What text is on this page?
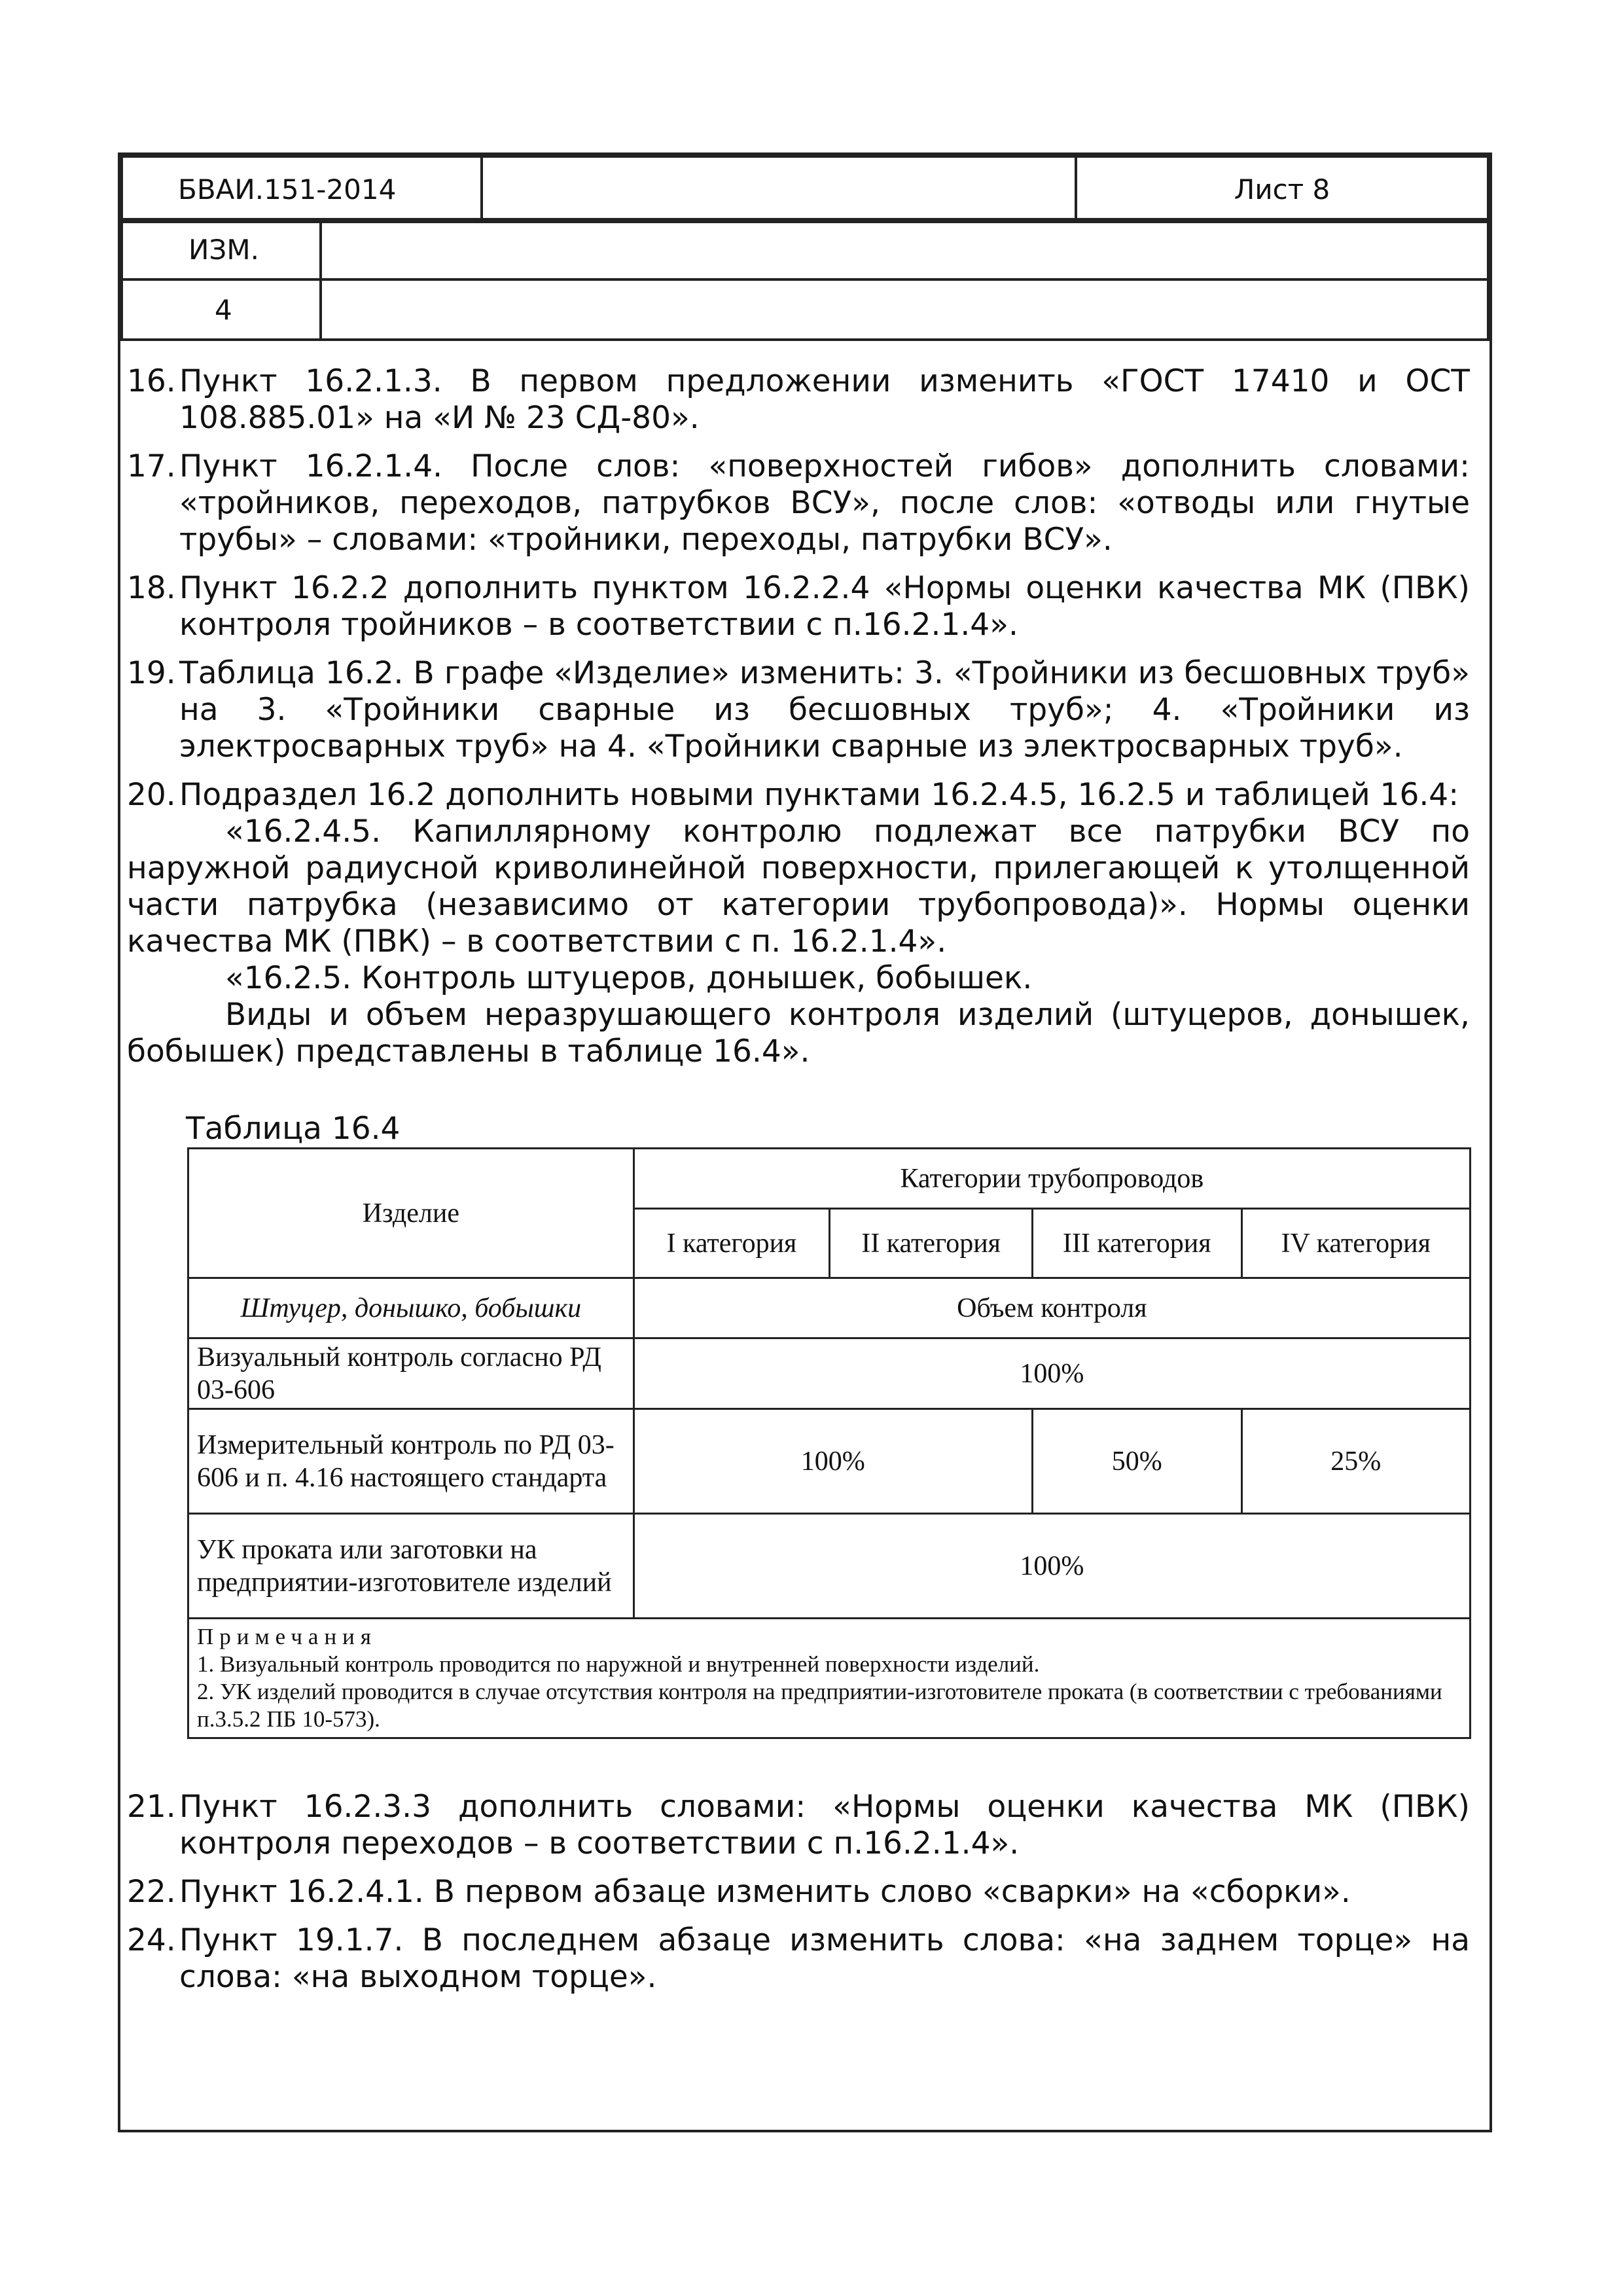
БВАИ.151-2014		Лист 8
ИЗМ.	
4	
16. Пункт 16.2.1.3. В первом предложении изменить «ГОСТ 17410 и ОСТ 108.885.01» на «И № 23 СД-80».
17. Пункт 16.2.1.4. После слов: «поверхностей гибов» дополнить словами: «тройников, переходов, патрубков ВСУ», после слов: «отводы или гнутые трубы» – словами: «тройники, переходы, патрубки ВСУ».
18. Пункт 16.2.2 дополнить пунктом 16.2.2.4 «Нормы оценки качества МК (ПВК) контроля тройников – в соответствии с п.16.2.1.4».
19. Таблица 16.2. В графе «Изделие» изменить: 3. «Тройники из бесшовных труб» на 3. «Тройники сварные из бесшовных труб»; 4. «Тройники из электросварных труб» на 4. «Тройники сварные из электросварных труб».
20. Подраздел 16.2 дополнить новыми пунктами 16.2.4.5, 16.2.5 и таблицей 16.4:

«16.2.4.5. Капиллярному контролю подлежат все патрубки ВСУ по наружной радиусной криволинейной поверхности, прилегающей к утолщенной части патрубка (независимо от категории трубопровода)». Нормы оценки качества МК (ПВК) – в соответствии с п. 16.2.1.4».

«16.2.5. Контроль штуцеров, донышек, бобышек.

Виды и объем неразрушающего контроля изделий (штуцеров, донышек, бобышек) представлены в таблице 16.4».

Таблица 16.4
Изделие	Категории трубопроводов			
	I категория	II категория	III категория	IV категория
Штуцер, донышко, бобышки	Объем контроля			
Визуальный контроль согласно РД 03-606	100%			
Измерительный контроль по РД 03-606 и п. 4.16 настоящего стандарта	100%		50%	25%
УК проката или заготовки на предприятии-изготовителе изделий	100%			

Примечания
1. Визуальный контроль проводится по наружной и внутренней поверхности изделий.
2. УК изделий проводится в случае отсутствия контроля на предприятии-изготовителе проката (в соответствии с требованиями п.3.5.2 ПБ 10-573).				
21. Пункт 16.2.3.3 дополнить словами: «Нормы оценки качества МК (ПВК) контроля переходов – в соответствии с п.16.2.1.4».
22. Пункт 16.2.4.1. В первом абзаце изменить слово «сварки» на «сборки».
24. Пункт 19.1.7. В последнем абзаце изменить слова: «на заднем торце» на слова: «на выходном торце».
